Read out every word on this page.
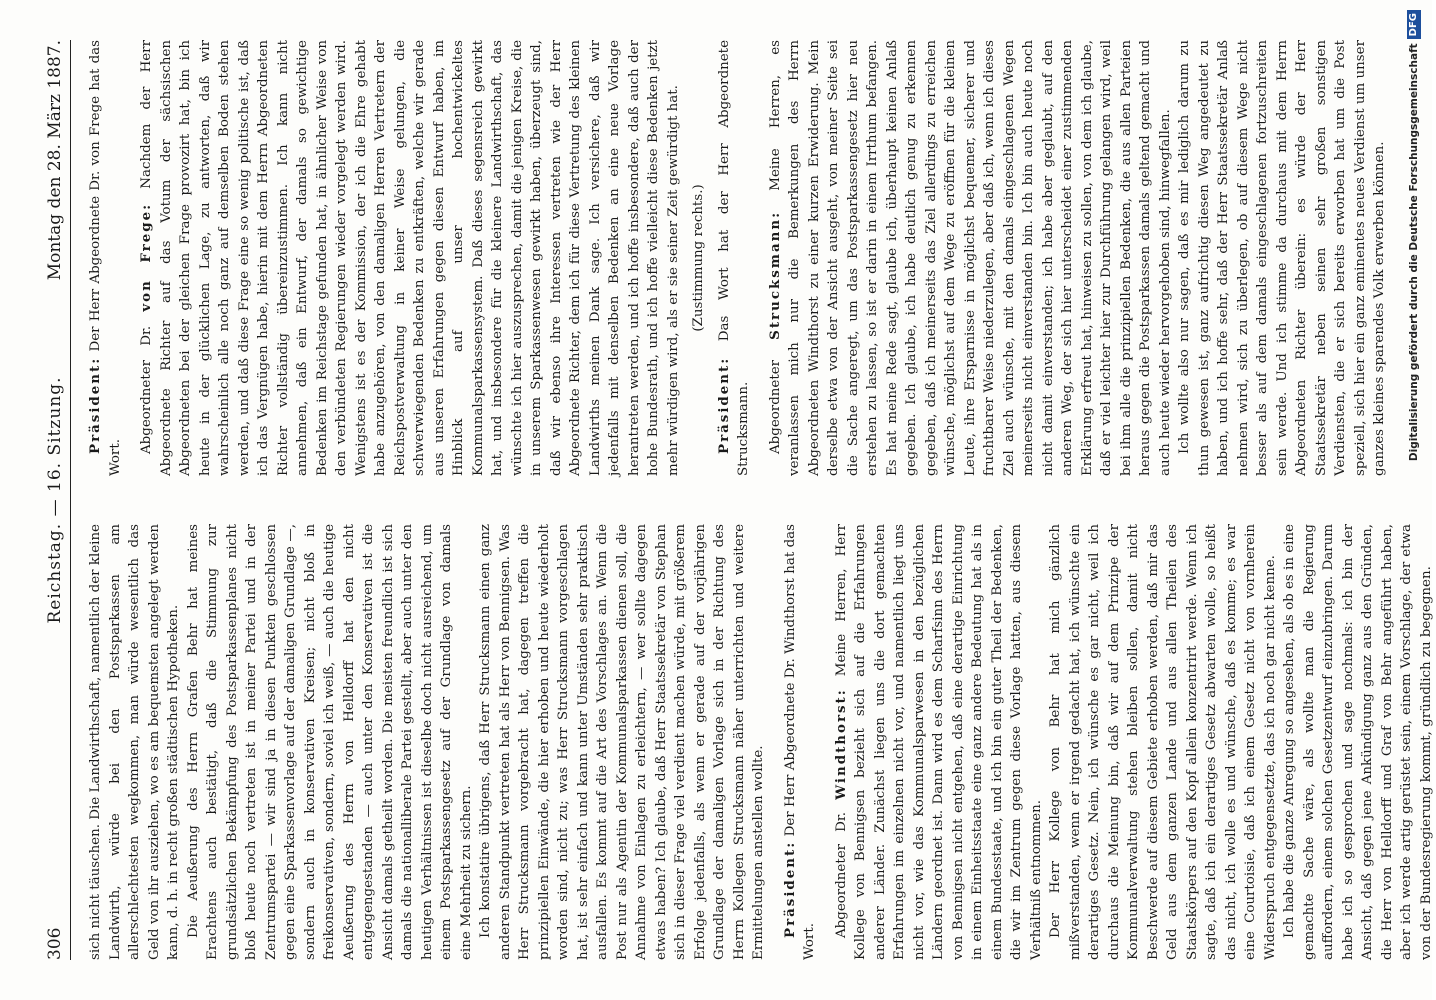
306
Reichstag. — 16. Sitzung.
Montag den 28. März 1887.

sich nicht täuschen. Die Landwirthschaft, namentlich der kleine Landwirth, würde bei den Postsparkassen am allerschlechtesten wegkommen, man würde wesentlich das Geld von ihr ausziehen, wo es am bequemsten angelegt werden kann, d. h. in recht großen städtischen Hypotheken. Die Aeußerung des Herrn Grafen Behr hat meines Erachtens auch bestätigt, daß die Stimmung zur grundsätzlichen Bekämpfung des Postsparkassenplanes nicht bloß heute noch vertreten ist in meiner Partei und in der Zentrumspartei — wir sind ja in diesen Punkten geschlossen gegen eine Sparkassenvorlage auf der damaligen Grundlage —, sondern auch in konservativen Kreisen; nicht bloß in freikonservativen, sondern, soviel ich weiß, — auch die heutige Aeußerung des Herrn von Helldorff hat den nicht entgegengestanden — auch unter den Konservativen ist die Ansicht damals getheilt worden. Die meisten freundlich ist sich damals die nationalliberale Partei gestellt, aber auch unter den heutigen Verhältnissen ist dieselbe doch nicht ausreichend, um einem Postsparkassengesetz auf der Grundlage von damals eine Mehrheit zu sichern. Ich konstatire übrigens, daß Herr Strucksmann einen ganz anderen Standpunkt vertreten hat als Herr von Bennigsen. Was Herr Strucksmann vorgebracht hat, dagegen treffen die prinzipiellen Einwände, die hier erhoben und heute wiederholt worden sind, nicht zu; was Herr Strucksmann vorgeschlagen hat, ist sehr einfach und kann unter Umständen sehr praktisch ausfallen. Es kommt auf die Art des Vorschlages an. Wenn die Post nur als Agentin der Kommunalsparkassen dienen soll, die Annahme von Einlagen zu erleichtern, — wer sollte dagegen etwas haben? Ich glaube, daß Herr Staatssekretär von Stephan sich in dieser Frage viel verdient machen würde, mit größerem Erfolge jedenfalls, als wenn er gerade auf der vorjährigen Grundlage der damaligen Vorlage sich in der Richtung des Herrn Kollegen Strucksmann näher unterrichten und weitere Ermittelungen anstellen wollte. Präsident: Der Herr Abgeordnete Dr. Windthorst hat das Wort.

Abgeordneter Dr. Windthorst: Meine Herren, Herr Kollege von Bennigsen bezieht sich auf die Erfahrungen anderer Länder. Zunächst liegen uns die dort gemachten Erfahrungen im einzelnen nicht vor, und namentlich liegt uns nicht vor, wie das Kommunalsparwesen in den bezüglichen Ländern geordnet ist. Dann wird es dem Scharfsinn des Herrn von Bennigsen nicht entgehen, daß eine derartige Einrichtung in einem Einheitsstaate eine ganz andere Bedeutung hat als in einem Bundesstaate, und ich bin ein guter Theil der Bedenken, die wir im Zentrum gegen diese Vorlage hatten, aus diesem Verhältniß entnommen. Der Herr Kollege von Behr hat mich gänzlich mißverstanden, wenn er irgend gedacht hat, ich wünschte ein derartiges Gesetz. Nein, ich wünsche es gar nicht, weil ich durchaus die Meinung bin, daß wir auf dem Prinzipe der Kommunalverwaltung stehen bleiben sollen, damit nicht Beschwerde auf diesem Gebiete erhoben werden, daß mir das Geld aus dem ganzen Lande und aus allen Theilen des Staatskörpers auf den Kopf allein konzentrirt werde. Wenn ich sagte, daß ich ein derartiges Gesetz abwarten wolle, so heißt das nicht, ich wolle es und wünsche, daß es komme; es war eine Courtoisie, daß ich einem Gesetz nicht von vornherein Widerspruch entgegensetzte, das ich noch gar nicht kenne. Ich habe die ganze Anregung so angesehen, als ob es in eine gemachte Sache wäre, als wollte man die Regierung auffordern, einem solchen Gesetzentwurf einzubringen. Darum habe ich so gesprochen und sage nochmals: ich bin der Ansicht, daß gegen jene Ankündigung ganz aus den Gründen, die Herr von Helldorff und Graf von Behr angeführt haben, aber ich werde artig gerüstet sein, einem Vorschlage, der etwa von der Bundesregierung kommt, gründlich zu begegnen.

Präsident: Der Herr Abgeordnete Dr. von Frege hat das Wort.

Abgeordneter Dr. von Frege: Nachdem der Herr Abgeordnete Richter auf das Votum der sächsischen Abgeordneten bei der gleichen Frage provozirt hat, bin ich heute in der glücklichen Lage, zu antworten, daß wir wahrscheinlich alle noch ganz auf demselben Boden stehen werden, und daß diese Frage eine so wenig politische ist, daß ich das Vergnügen habe, hierin mit dem Herrn Abgeordneten Richter vollständig übereinzustimmen. Ich kann nicht annehmen, daß ein Entwurf, der damals so gewichtige Bedenken im Reichstage gefunden hat, in ähnlicher Weise von den verbündeten Regierungen wieder vorgelegt werden wird. Wenigstens ist es der Kommission, der ich die Ehre gehabt habe anzugehören, von den damaligen Herren Vertretern der Reichspostverwaltung in keiner Weise gelungen, die schwerwiegenden Bedenken zu entkräften, welche wir gerade aus unseren Erfahrungen gegen diesen Entwurf haben, im Hinblick auf unser hochentwickeltes Kommunalsparkassensystem. Daß dieses segensreich gewirkt hat, und insbesondere für die kleinere Landwirthschaft, das wünschte ich hier auszusprechen, damit die jenigen Kreise, die in unserem Sparkassenwesen gewirkt haben, überzeugt sind, daß wir ebenso ihre Interessen vertreten wie der Herr Abgeordnete Richter, dem ich für diese Vertretung des kleinen Landwirths meinen Dank sage. Ich versichere, daß wir jedenfalls mit denselben Bedenken an eine neue Vorlage herantreten werden, und ich hoffe insbesondere, daß auch der hohe Bundesrath, und ich hoffe vielleicht diese Bedenken jetzt mehr würdigen wird, als er sie seiner Zeit gewürdigt hat. (Zustimmung rechts.)

Präsident: Das Wort hat der Herr Abgeordnete Strucksmann. Abgeordneter Strucksmann: Meine Herren, es veranlassen mich nur die Bemerkungen des Herrn Abgeordneten Windthorst zu einer kurzen Erwiderung. Mein derselbe etwa von der Ansicht ausgeht, von meiner Seite sei die Sache angeregt, um das Postsparkassengesetz hier neu erstehen zu lassen, so ist er darin in einem Irrthum befangen. Es hat meine Rede sagt, glaube ich, überhaupt keinen Anlaß gegeben. Ich glaube, ich habe deutlich genug zu erkennen gegeben, daß ich meinerseits das Ziel allerdings zu erreichen wünsche, möglichst auf dem Wege zu eröffnen für die kleinen Leute, ihre Ersparnisse in möglichst bequemer, sicherer und fruchtbarer Weise niederzulegen, aber daß ich, wenn ich dieses Ziel auch wünsche, mit den damals eingeschlagenen Wegen meinerseits nicht einverstanden bin. Ich bin auch heute noch nicht damit einverstanden; ich habe aber geglaubt, auf den anderen Weg, der sich hier unterscheidet einer zustimmenden Erklärung erfreut hat, hinweisen zu sollen, von dem ich glaube, daß er viel leichter hier zur Durchführung gelangen wird, weil bei ihm alle die prinzipiellen Bedenken, die aus allen Parteien heraus gegen die Postsparkassen damals geltend gemacht und auch heute wieder hervorgehoben sind, hinwegfallen. Ich wollte also nur sagen, daß es mir lediglich darum zu thun gewesen ist, ganz aufrichtig diesen Weg angedeutet zu haben, und ich hoffe sehr, daß der Herr Staatssekretär Anlaß nehmen wird, sich zu überlegen, ob auf diesem Wege nicht besser als auf dem damals eingeschlagenen fortzuschreiten sein werde. Und ich stimme da durchaus mit dem Herrn Abgeordneten Richter überein: es würde der Herr Staatssekretär neben seinen sehr großen sonstigen Verdiensten, die er sich bereits erworben hat um die Post speziell, sich hier ein ganz eminentes neues Verdienst um unser ganzes kleines sparendes Volk erwerben können.	Digitalisierung gefördert durch die Deutsche ForschungsgemeinschaftDFG
